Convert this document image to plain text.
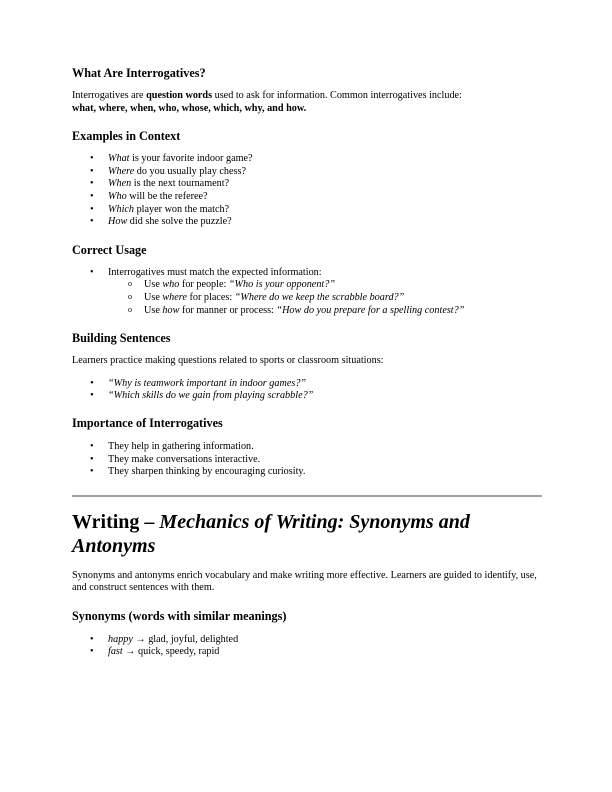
What Are Interrogatives?

Interrogatives are question words used to ask for information. Common interrogatives include:
what, where, when, who, whose, which, why, and how.

Examples in Context
• What is your favorite indoor game?
• Where do you usually play chess?
• When is the next tournament?
• Who will be the referee?
• Which player won the match?
• How did she solve the puzzle?
Correct Usage
• Interrogatives must match the expected information:
o Use who for people: “Who is your opponent?”
o Use where for places: “Where do we keep the scrabble board?”
o Use how for manner or process: “How do you prepare for a spelling contest?”
Building Sentences

Learners practice making questions related to sports or classroom situations:

• “Why is teamwork important in indoor games?”
• “Which skills do we gain from playing scrabble?”
Importance of Interrogatives
• They help in gathering information.
• They make conversations interactive.
• They sharpen thinking by encouraging curiosity.
Writing – Mechanics of Writing: Synonyms and Antonyms

Synonyms and antonyms enrich vocabulary and make writing more effective. Learners are guided to identify, use, and construct sentences with them.

Synonyms (words with similar meanings)
• happy → glad, joyful, delighted
• fast → quick, speedy, rapid
